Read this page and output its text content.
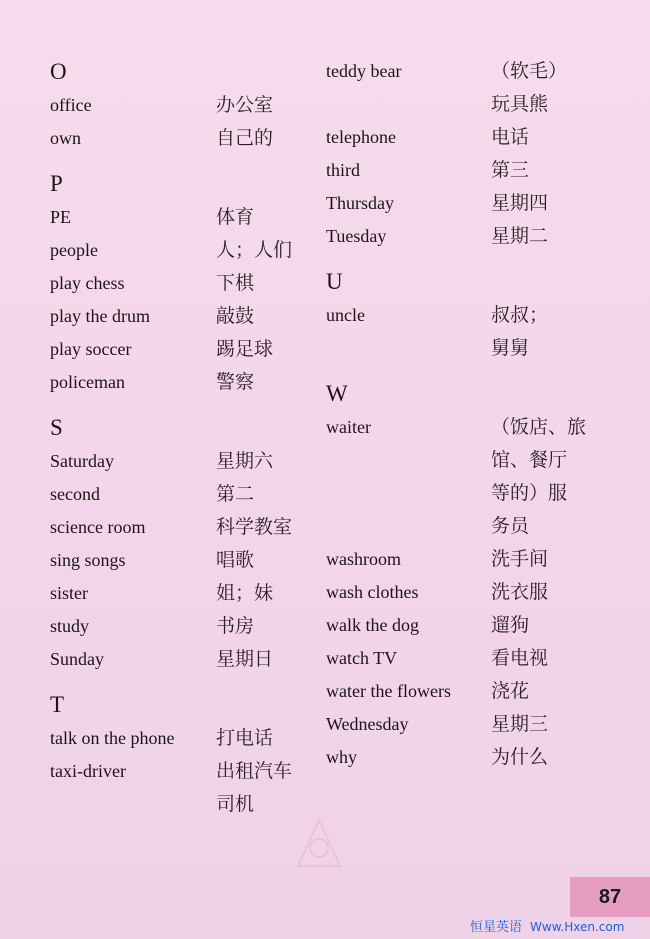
O
office	办公室
own	自己的
P
PE	体育
people	人；人们
play chess	下棋
play the drum	敲鼓
play soccer	踢足球
policeman	警察
S
Saturday	星期六
second	第二
science room	科学教室
sing songs	唱歌
sister	姐；妹
study	书房
Sunday	星期日
T
talk on the phone	打电话
taxi-driver	出租汽车
司机
teddy bear	（软毛）
玩具熊
telephone	电话
third	第三
Thursday	星期四
Tuesday	星期二
U
uncle	叔叔；
舅舅
W
waiter	（饭店、旅
馆、餐厅
等的）服
务员
washroom	洗手间
wash clothes	洗衣服
walk the dog	遛狗
watch TV	看电视
water the flowers	浇花
Wednesday	星期三
why	为什么
87
恒星英语 Www.Hxen.com
